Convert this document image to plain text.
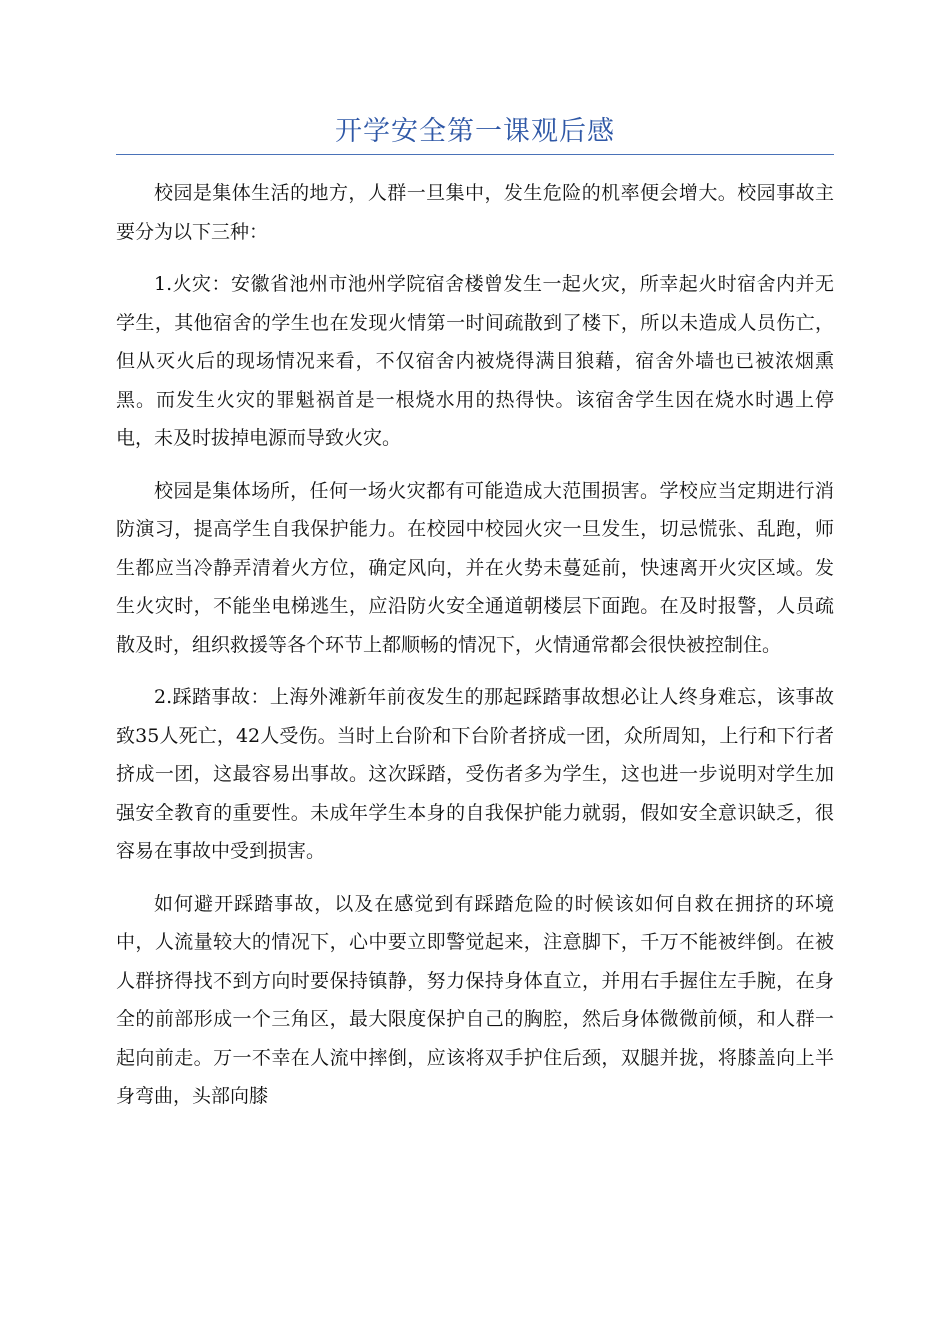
开学安全第一课观后感

校园是集体生活的地方，人群一旦集中，发生危险的机率便会增大。校园事故主要分为以下三种：

1.火灾：安徽省池州市池州学院宿舍楼曾发生一起火灾，所幸起火时宿舍内并无学生，其他宿舍的学生也在发现火情第一时间疏散到了楼下，所以未造成人员伤亡，但从灭火后的现场情况来看，不仅宿舍内被烧得满目狼藉，宿舍外墙也已被浓烟熏黑。而发生火灾的罪魁祸首是一根烧水用的热得快。该宿舍学生因在烧水时遇上停电，未及时拔掉电源而导致火灾。

校园是集体场所，任何一场火灾都有可能造成大范围损害。学校应当定期进行消防演习，提高学生自我保护能力。在校园中校园火灾一旦发生，切忌慌张、乱跑，师生都应当冷静弄清着火方位，确定风向，并在火势未蔓延前，快速离开火灾区域。发生火灾时，不能坐电梯逃生，应沿防火安全通道朝楼层下面跑。在及时报警，人员疏散及时，组织救援等各个环节上都顺畅的情况下，火情通常都会很快被控制住。

2.踩踏事故：上海外滩新年前夜发生的那起踩踏事故想必让人终身难忘，该事故致35人死亡，42人受伤。当时上台阶和下台阶者挤成一团，众所周知，上行和下行者挤成一团，这最容易出事故。这次踩踏，受伤者多为学生，这也进一步说明对学生加强安全教育的重要性。未成年学生本身的自我保护能力就弱，假如安全意识缺乏，很容易在事故中受到损害。

如何避开踩踏事故，以及在感觉到有踩踏危险的时候该如何自救在拥挤的环境中，人流量较大的情况下，心中要立即警觉起来，注意脚下，千万不能被绊倒。在被人群挤得找不到方向时要保持镇静，努力保持身体直立，并用右手握住左手腕，在身全的前部形成一个三角区，最大限度保护自己的胸腔，然后身体微微前倾，和人群一起向前走。万一不幸在人流中摔倒，应该将双手护住后颈，双腿并拢，将膝盖向上半身弯曲，头部向膝
